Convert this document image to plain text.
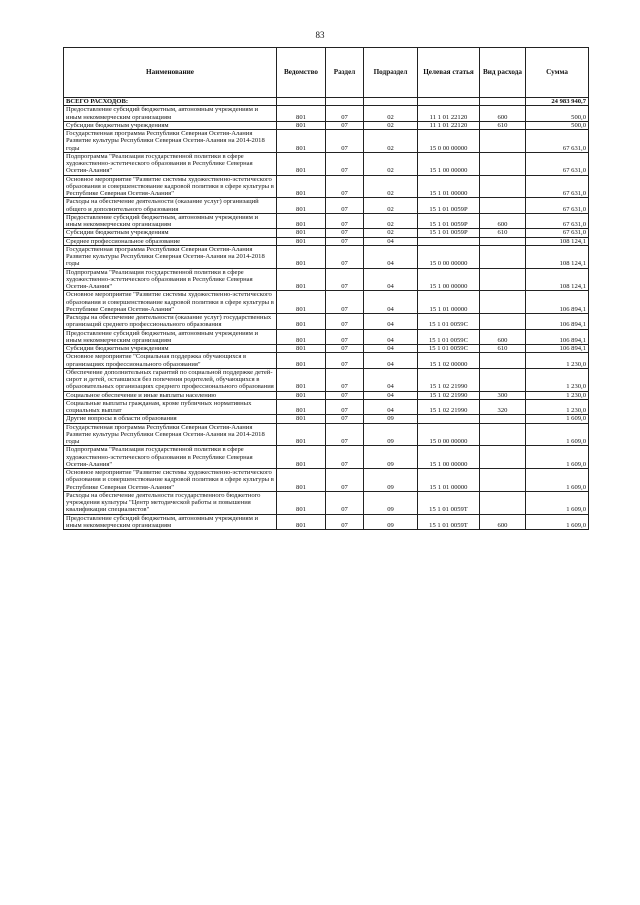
83
Наименование	Ведомство	Раздел	Подраздел	Целевая статья	Вид расхода	Сумма
ВСЕГО РАСХОДОВ:						24 983 940,7
Предоставление субсидий бюджетным, автономным учреждениям и иным некоммерческим организациям	801	07	02	11 1 01 22120	600	500,0
Субсидии бюджетным учреждениям	801	07	02	11 1 01 22120	610	500,0
Государственная программа Республики Северная Осетия-Алания Развитие культуры Республики Северная Осетия-Алания на 2014-2018 годы	801	07	02	15 0 00 00000		67 631,0
Подпрограмма "Реализация государственной политики в сфере художественно-эстетического образования в Республике Северная Осетия-Алания"	801	07	02	15 1 00 00000		67 631,0
Основное мероприятие "Развитие системы художественно-эстетического образования и совершенствование кадровой политики в сфере культуры в Республике Северная Осетия-Алания"	801	07	02	15 1 01 00000		67 631,0
Расходы на обеспечение деятельности (оказание услуг) организаций общего и дополнительного образования	801	07	02	15 1 01 0059Р		67 631,0
Предоставление субсидий бюджетным, автономным учреждениям и иным некоммерческим организациям	801	07	02	15 1 01 0059Р	600	67 631,0
Субсидии бюджетным учреждениям	801	07	02	15 1 01 0059Р	610	67 631,0
Среднее профессиональное образование	801	07	04			108 124,1
Государственная программа Республики Северная Осетия-Алания Развитие культуры Республики Северная Осетия-Алания на 2014-2018 годы	801	07	04	15 0 00 00000		108 124,1
Подпрограмма "Реализация государственной политики в сфере художественно-эстетического образования в Республике Северная Осетия-Алания"	801	07	04	15 1 00 00000		108 124,1
Основное мероприятие "Развитие системы художественно-эстетического образования и совершенствование кадровой политики в сфере культуры в Республике Северная Осетия-Алания"	801	07	04	15 1 01 00000		106 894,1
Расходы на обеспечение деятельности (оказание услуг) государственных организаций среднего профессионального образования	801	07	04	15 1 01 0059С		106 894,1
Предоставление субсидий бюджетным, автономным учреждениям и иным некоммерческим организациям	801	07	04	15 1 01 0059С	600	106 894,1
Субсидии бюджетным учреждениям	801	07	04	15 1 01 0059С	610	106 894,1
Основное мероприятие "Социальная поддержка обучающихся в организациях профессионального образования"	801	07	04	15 1 02 00000		1 230,0
Обеспечение дополнительных гарантий по социальной поддержке детей-сирот и детей, оставшихся без попечения родителей, обучающихся в образовательных организациях среднего профессионального образования	801	07	04	15 1 02 21990		1 230,0
Социальное обеспечение и иные выплаты населению	801	07	04	15 1 02 21990	300	1 230,0
Социальные выплаты гражданам, кроме публичных нормативных социальных выплат	801	07	04	15 1 02 21990	320	1 230,0
Другие вопросы в области образования	801	07	09			1 609,0
Государственная программа Республики Северная Осетия-Алания Развитие культуры Республики Северная Осетия-Алания на 2014-2018 годы	801	07	09	15 0 00 00000		1 609,0
Подпрограмма "Реализация государственной политики в сфере художественно-эстетического образования в Республике Северная Осетия-Алания"	801	07	09	15 1 00 00000		1 609,0
Основное мероприятие "Развитие системы художественно-эстетического образования и совершенствование кадровой политики в сфере культуры в Республике Северная Осетия-Алания"	801	07	09	15 1 01 00000		1 609,0
Расходы на обеспечение деятельности государственного бюджетного учреждения культуры "Центр методической работы и повышения квалификации специалистов"	801	07	09	15 1 01 0059Т		1 609,0
Предоставление субсидий бюджетным, автономным учреждениям и иным некоммерческим организациям	801	07	09	15 1 01 0059Т	600	1 609,0
